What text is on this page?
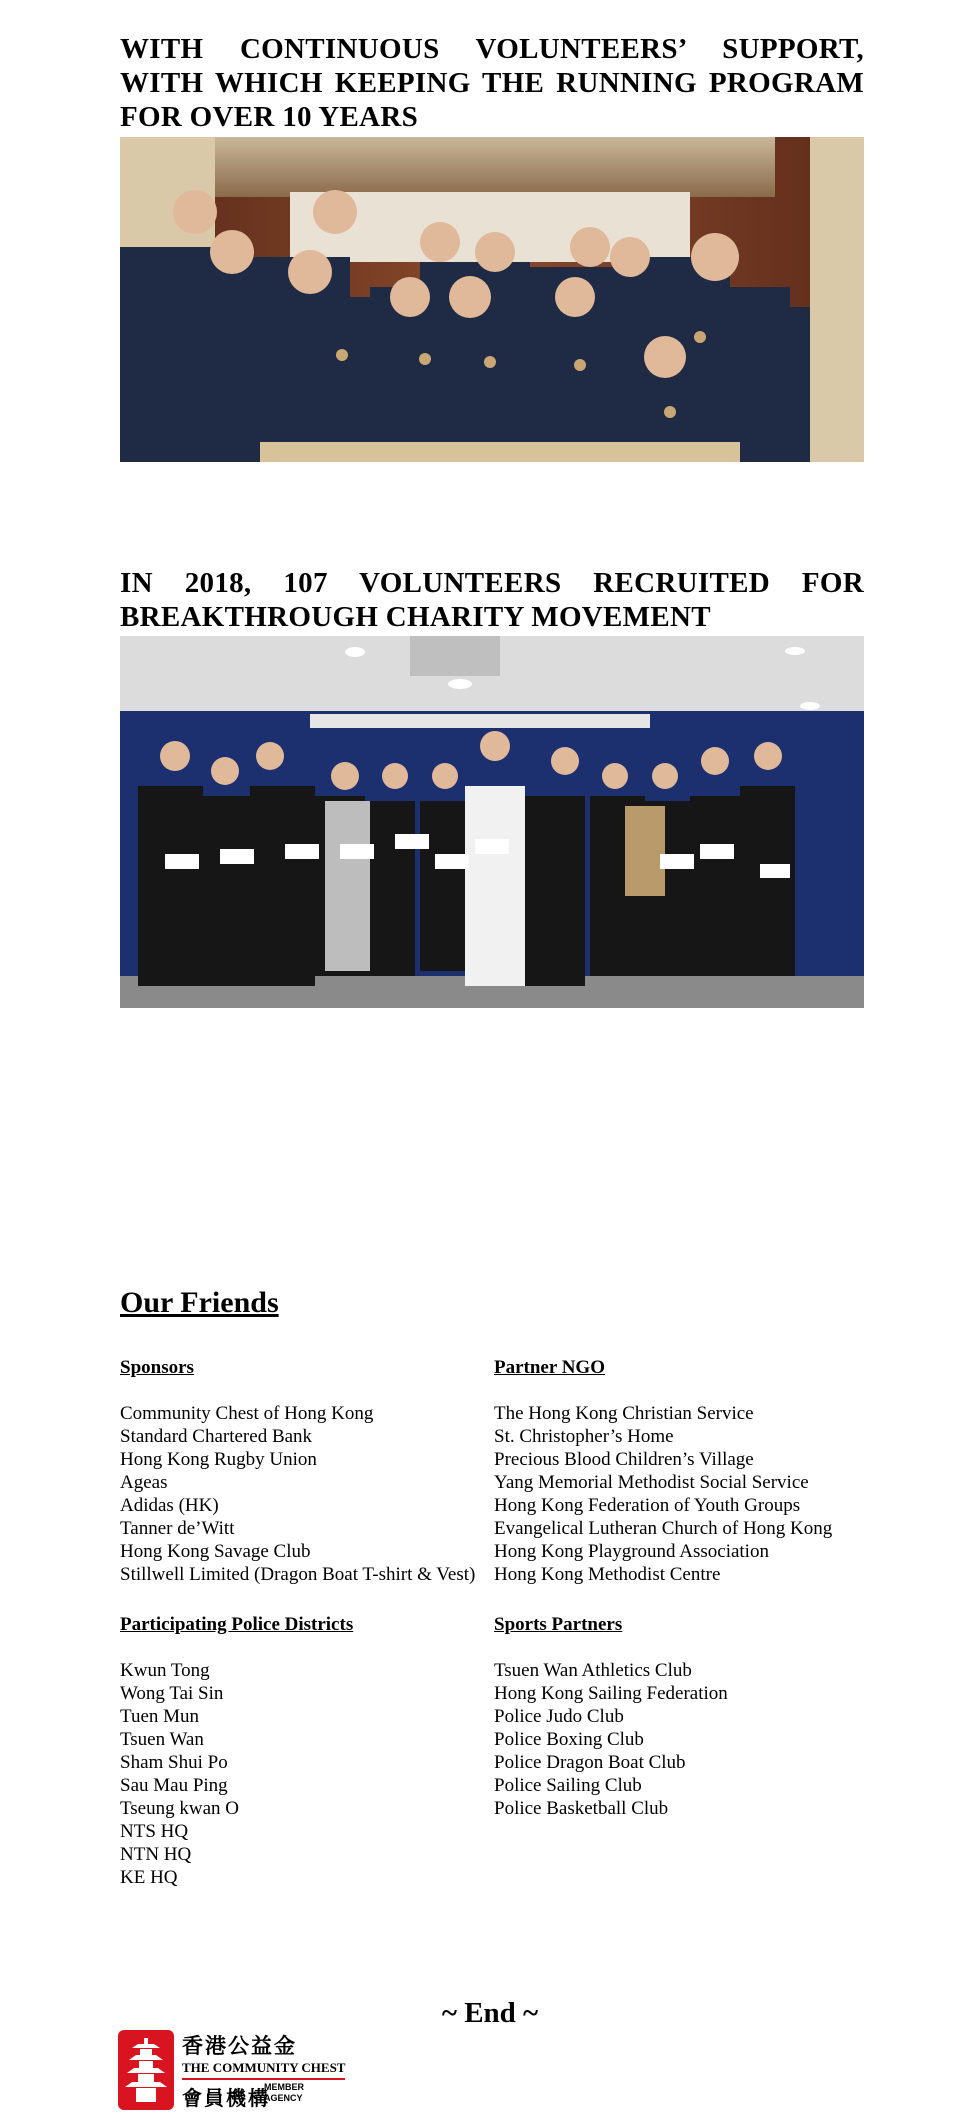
WITH CONTINUOUS VOLUNTEERS’ SUPPORT, WITH WHICH KEEPING THE RUNNING PROGRAM FOR OVER 10 YEARS
IN 2018, 107 VOLUNTEERS RECRUITED FOR BREAKTHROUGH CHARITY MOVEMENT
Our Friends
Sponsors
Community Chest of Hong Kong
Standard Chartered Bank
Hong Kong Rugby Union
Ageas
Adidas (HK)
Tanner de’Witt
Hong Kong Savage Club
Stillwell Limited (Dragon Boat T-shirt & Vest)
Partner NGO
The Hong Kong Christian Service
St. Christopher’s Home
Precious Blood Children’s Village
Yang Memorial Methodist Social Service
Hong Kong Federation of Youth Groups
Evangelical Lutheran Church of Hong Kong
Hong Kong Playground Association
Hong Kong Methodist Centre
Participating Police Districts
Kwun Tong
Wong Tai Sin
Tuen Mun
Tsuen Wan
Sham Shui Po
Sau Mau Ping
Tseung kwan O
NTS HQ
NTN HQ
KE HQ
Sports Partners
Tsuen Wan Athletics Club
Hong Kong Sailing Federation
Police Judo Club
Police Boxing Club
Police Dragon Boat Club
Police Sailing Club
Police Basketball Club
~ End ~
香港公益金
THE COMMUNITY CHEST
會員機構
MEMBER
AGENCY
